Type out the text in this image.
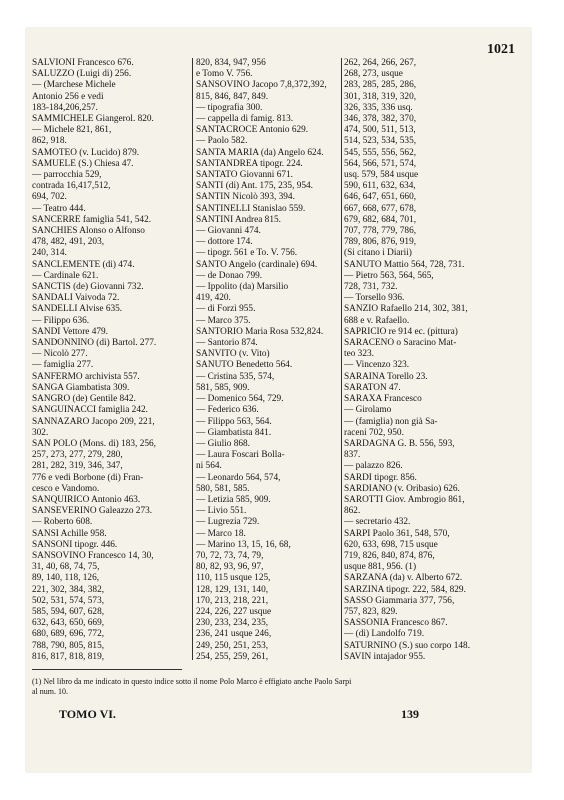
1021
SALVIONI Francesco 676.
SALUZZO (Luigi di) 256.
— (Marchese Michele
Antonio 256 e vedi
183-184,206,257.
SAMMICHELE Giangerol. 820.
— Michele 821, 861,
862, 918.
SAMOTEO (v. Lucido) 879.
SAMUELE (S.) Chiesa 47.
— parrocchia 529,
contrada 16,417,512,
694, 702.
— Teatro 444.
SANCERRE famiglia 541, 542.
SANCHIES Alonso o Alfonso
478, 482, 491, 203,
240, 314.
SANCLEMENTE (di) 474.
— Cardinale 621.
SANCTIS (de) Giovanni 732.
SANDALI Vaivoda 72.
SANDELLI Alvise 635.
— Filippo 636.
SANDI Vettore 479.
SANDONNINO (di) Bartol. 277.
— Nicolò 277.
— famiglia 277.
SANFERMO archivista 557.
SANGA Giambatista 309.
SANGRO (de) Gentile 842.
SANGUINACCI famiglia 242.
SANNAZARO Jacopo 209, 221,
302.
SAN POLO (Mons. di) 183, 256,
257, 273, 277, 279, 280,
281, 282, 319, 346, 347,
776 e vedi Borbone (di) Fran-
cesco e Vandomo.
SANQUIRICO Antonio 463.
SANSEVERINO Galeazzo 273.
— Roberto 608.
SANSI Achille 958.
SANSONI tipogr. 446.
SANSOVINO Francesco 14, 30,
31, 40, 68, 74, 75,
89, 140, 118, 126,
221, 302, 384, 382,
502, 531, 574, 573,
585, 594, 607, 628,
632, 643, 650, 669,
680, 689, 696, 772,
788, 790, 805, 815,
816, 817, 818, 819,
820, 834, 947, 956
e Tomo V. 756.
SANSOVINO Jacopo 7,8,372,392,
815, 846, 847, 849.
— tipografia 300.
— cappella di famig. 813.
SANTACROCE Antonio 629.
— Paolo 582.
SANTA MARIA (da) Angelo 624.
SANTANDREA tipogr. 224.
SANTATO Giovanni 671.
SANTI (di) Ant. 175, 235, 954.
SANTIN Nicolò 393, 394.
SANTINELLI Stanislao 559.
SANTINI Andrea 815.
— Giovanni 474.
— dottore 174.
— tipogr. 561 e To. V. 756.
SANTO Angelo (cardinale) 694.
— de Donao 799.
— Ippolito (da) Marsilio
419, 420.
— di Forzì 955.
— Marco 375.
SANTORIO Maria Rosa 532,824.
— Santorio 874.
SANVITO (v. Vito)
SANUTO Benedetto 564.
— Cristina 535, 574,
581, 585, 909.
— Domenico 564, 729.
— Federico 636.
— Filippo 563, 564.
— Giambatista 841.
— Giulio 868.
— Laura Foscari Bolla-
ni 564.
— Leonardo 564, 574,
580, 581, 585.
— Letizia 585, 909.
— Livio 551.
— Lugrezia 729.
— Marco 18.
— Marino 13, 15, 16, 68,
70, 72, 73, 74, 79,
80, 82, 93, 96, 97,
110, 115 usque 125,
128, 129, 131, 140,
170, 213, 218, 221,
224, 226, 227 usque
230, 233, 234, 235,
236, 241 usque 246,
249, 250, 251, 253,
254, 255, 259, 261,
262, 264, 266, 267,
268, 273, usque
283, 285, 285, 286,
301, 318, 319, 320,
326, 335, 336 usq.
346, 378, 382, 370,
474, 500, 511, 513,
514, 523, 534, 535,
545, 555, 556, 562,
564, 566, 571, 574,
usq. 579, 584 usque
590, 611, 632, 634,
646, 647, 651, 660,
667, 668, 677, 678,
679, 682, 684, 701,
707, 778, 779, 786,
789, 806, 876, 919,
(Si citano i Diarii)
SANUTO Mattio 564, 728, 731.
— Pietro 563, 564, 565,
728, 731, 732.
— Torsello 936.
SANZIO Rafaello 214, 302, 381,
688 e v. Rafaello.
SAPRICIO re 914 ec. (pittura)
SARACENO o Saracino Mat-
teo 323.
— Vincenzo 323.
SARAINA Torello 23.
SARATON 47.
SARAXA Francesco
— Girolamo
— (famiglia) non già Sa-
raceni 702, 950.
SARDAGNA G. B. 556, 593,
837.
— palazzo 826.
SARDI tipogr. 856.
SARDIANO (v. Oribasio) 626.
SAROTTI Giov. Ambrogio 861,
862.
— secretario 432.
SARPI Paolo 361, 548, 570,
620, 633, 698, 715 usque
719, 826, 840, 874, 876,
usque 881, 956. (1)
SARZANA (da) v. Alberto 672.
SARZINA tipogr. 222, 584, 829.
SASSO Giammaria 377, 756,
757, 823, 829.
SASSONIA Francesco 867.
— (di) Landolfo 719.
SATURNINO (S.) suo corpo 148.
SAVIN intajador 955.
(1) Nel libro da me indicato in questo indice sotto il nome Polo Marco è effigiato anche Paolo Sarpi
al num. 10.
TOMO VI.	139
